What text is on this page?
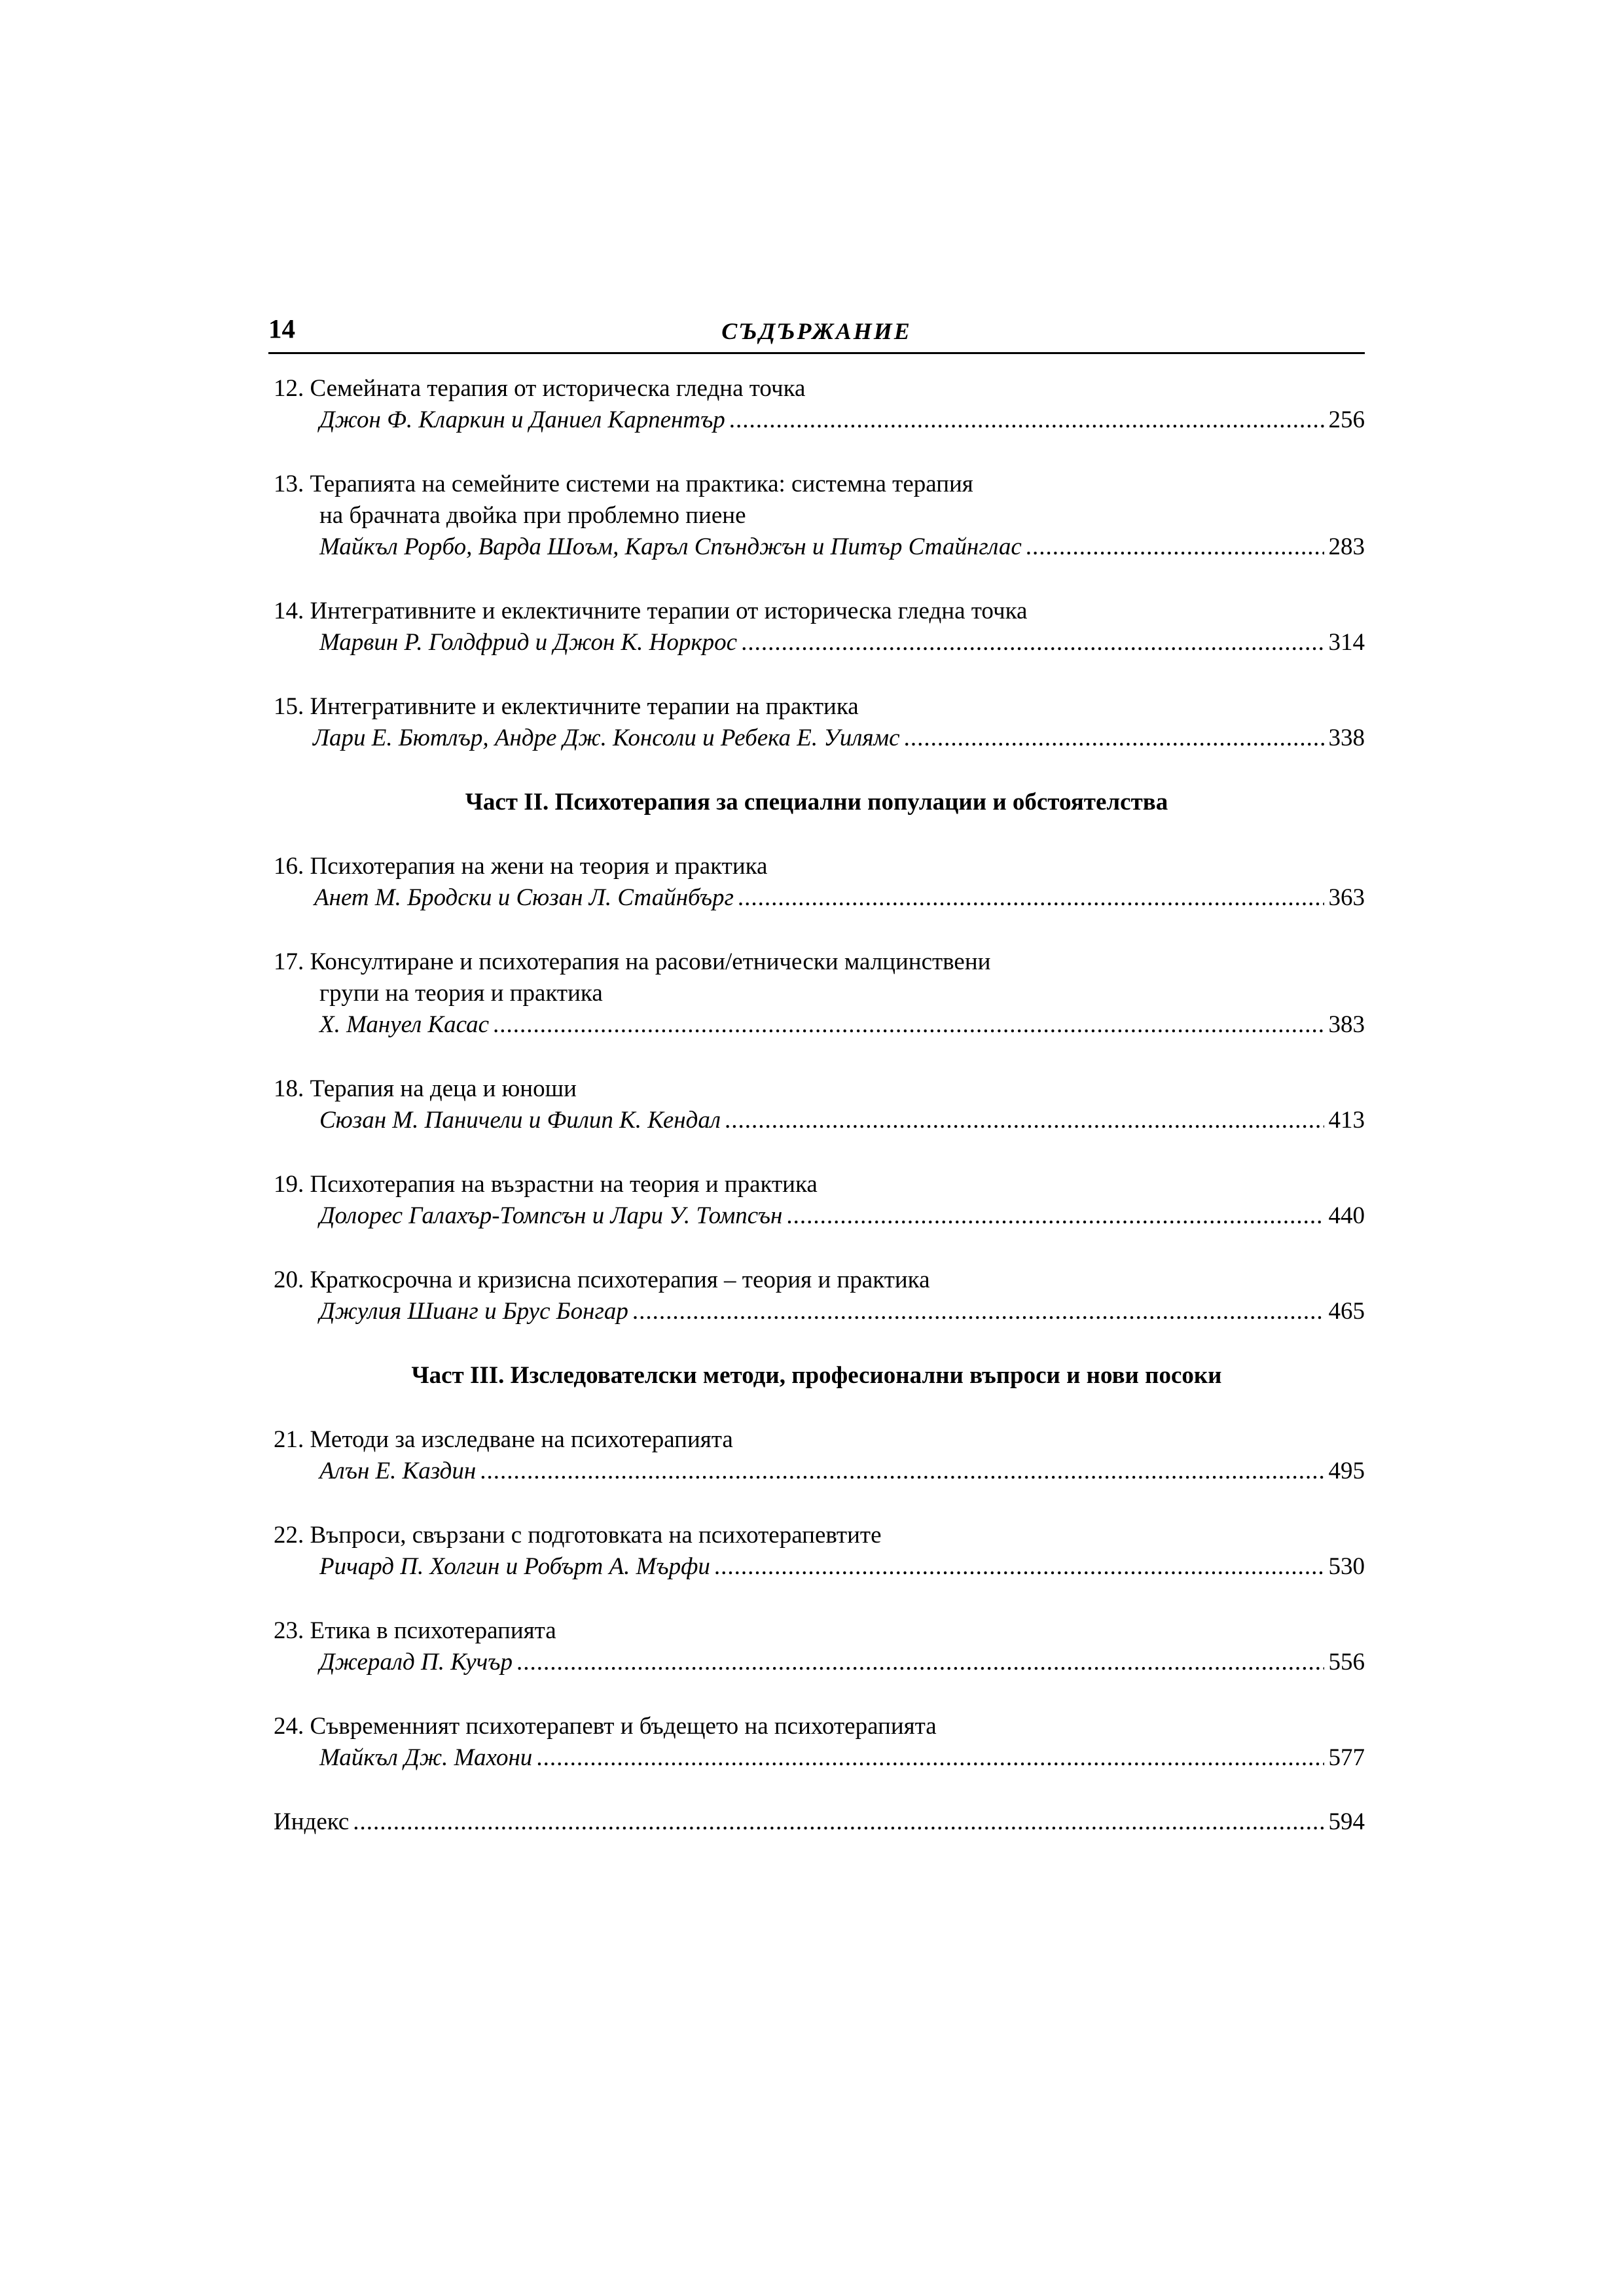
14	СЪДЪРЖАНИЕ
12. Семейната терапия от историческа гледна точка
Джон Ф. Кларкин и Даниел Карпентър .....	256
13. Терапията на семейните системи на практика: системна терапия
на брачната двойка при проблемно пиене
Майкъл Рорбо, Варда Шоъм, Каръл Спънджън и Питър Стайнглас .....	283
14. Интегративните и еклектичните терапии от историческа гледна точка
Марвин Р. Голдфрид и Джон К. Норкрос .....	314
15. Интегративните и еклектичните терапии на практика
Лари Е. Бютлър, Андре Дж. Консоли и Ребека Е. Уилямс .....	338
Част II. Психотерапия за специални популации и обстоятелства
16. Психотерапия на жени на теория и практика
Анет М. Бродски и Сюзан Л. Стайнбърг .....	363
17. Консултиране и психотерапия на расови/етнически малцинствени
групи на теория и практика
Х. Мануел Касас .....	383
18. Терапия на деца и юноши
Сюзан М. Паничели и Филип К. Кендал .....	413
19. Психотерапия на възрастни на теория и практика
Долорес Галахър-Томпсън и Лари У. Томпсън .....	440
20. Краткосрочна и кризисна психотерапия – теория и практика
Джулия Шианг и Брус Бонгар .....	465
Част III. Изследователски методи, професионални въпроси и нови посоки
21. Методи за изследване на психотерапията
Алън Е. Каздин .....	495
22. Въпроси, свързани с подготовката на психотерапевтите
Ричард П. Холгин и Робърт А. Мърфи .....	530
23. Етика в психотерапията
Джералд П. Кучър .....	556
24. Съвременният психотерапевт и бъдещето на психотерапията
Майкъл Дж. Махони .....	577
Индекс .....	594
